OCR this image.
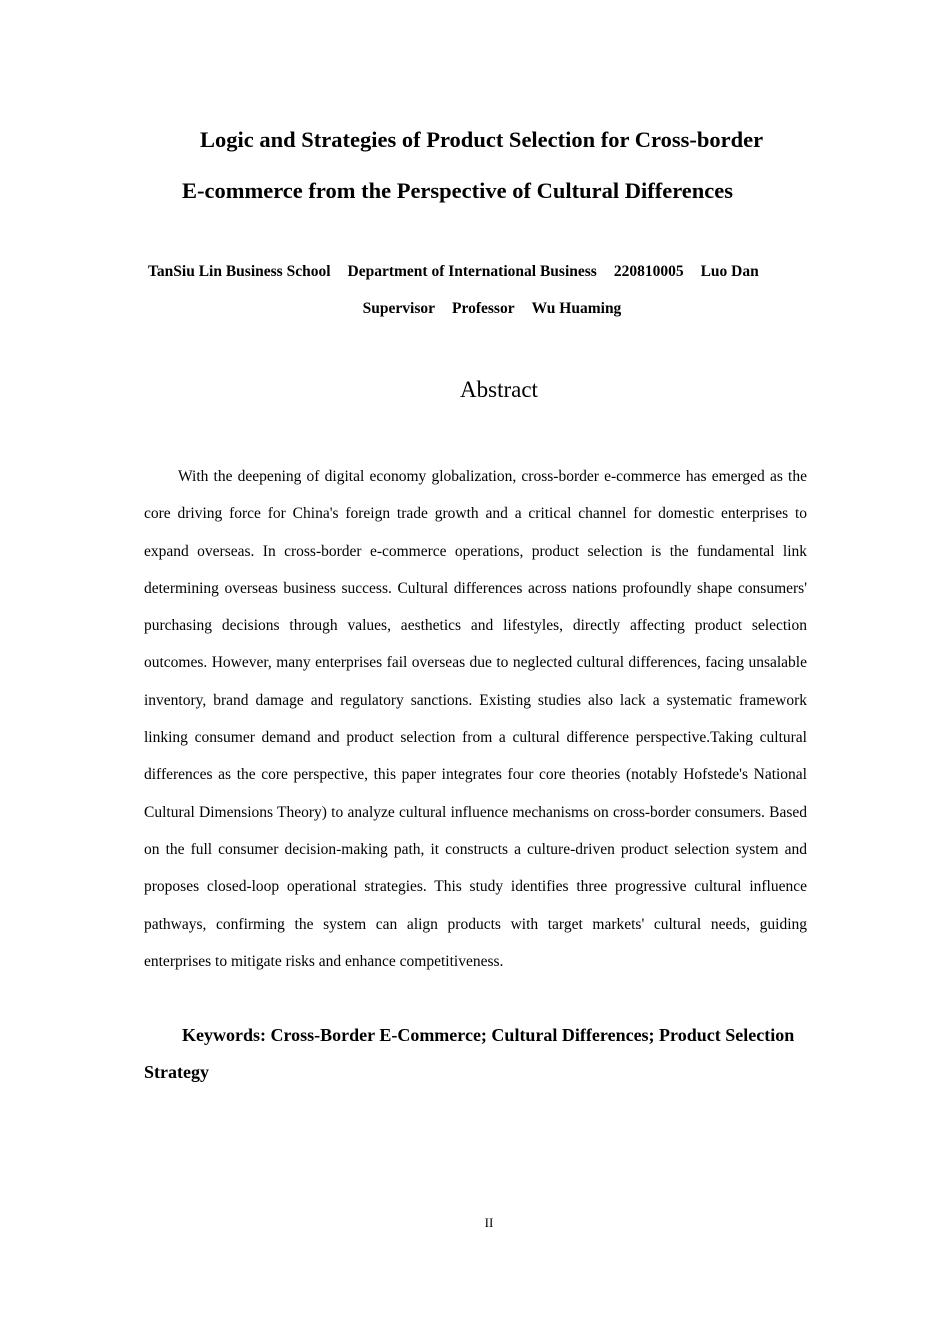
Logic and Strategies of Product Selection for Cross-border
E-commerce from the Perspective of Cultural Differences
TanSiu Lin Business School Department of International Business 220810005 Luo Dan
Supervisor Professor Wu Huaming
Abstract

With the deepening of digital economy globalization, cross-border e-commerce has emerged as the core driving force for China's foreign trade growth and a critical channel for domestic enterprises to expand overseas. In cross-border e-commerce operations, product selection is the fundamental link determining overseas business success. Cultural differences across nations profoundly shape consumers' purchasing decisions through values, aesthetics and lifestyles, directly affecting product selection outcomes. However, many enterprises fail overseas due to neglected cultural differences, facing unsalable inventory, brand damage and regulatory sanctions. Existing studies also lack a systematic framework linking consumer demand and product selection from a cultural difference perspective.Taking cultural differences as the core perspective, this paper integrates four core theories (notably Hofstede's National Cultural Dimensions Theory) to analyze cultural influence mechanisms on cross-border consumers. Based on the full consumer decision-making path, it constructs a culture-driven product selection system and proposes closed-loop operational strategies. This study identifies three progressive cultural influence pathways, confirming the system can align products with target markets' cultural needs, guiding enterprises to mitigate risks and enhance competitiveness.

Keywords: Cross-Border E-Commerce; Cultural Differences; Product Selection Strategy

II
